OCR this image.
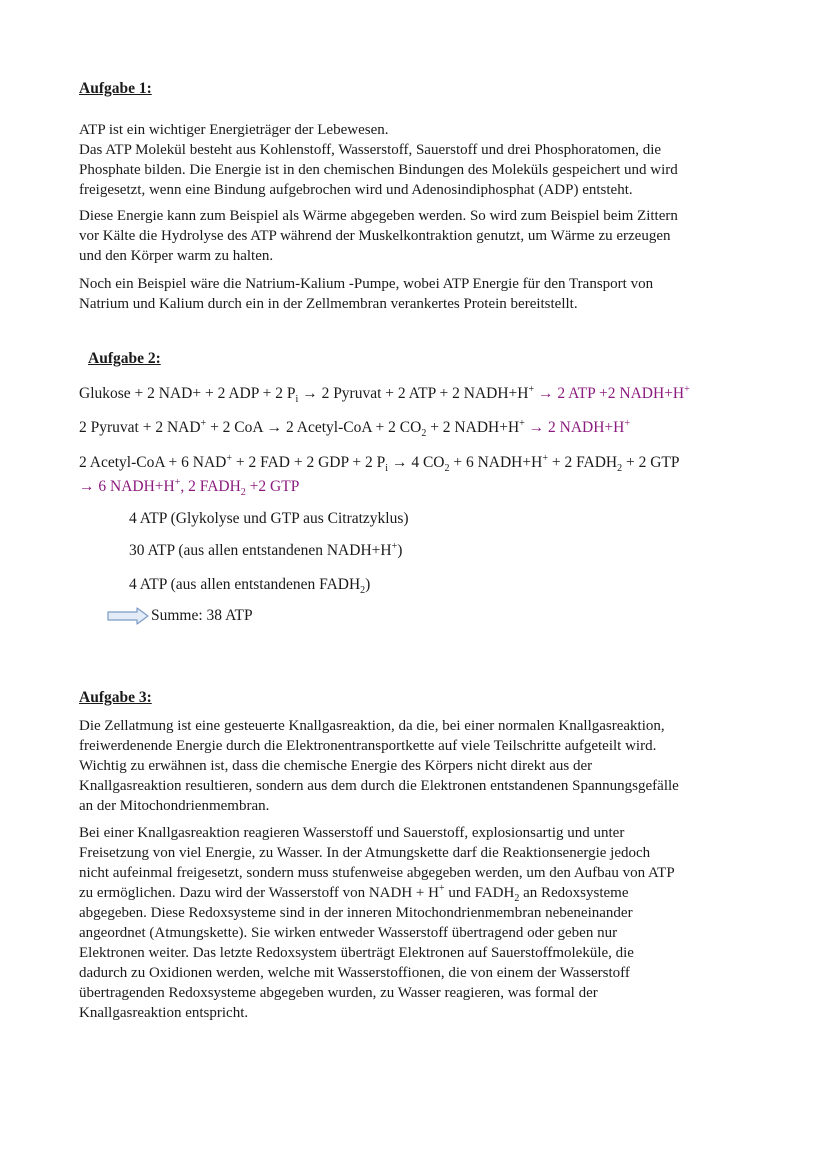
Aufgabe 1:
ATP ist ein wichtiger Energieträger der Lebewesen.
Das ATP Molekül besteht aus Kohlenstoff, Wasserstoff, Sauerstoff und drei Phosphoratomen, die
Phosphate bilden. Die Energie ist in den chemischen Bindungen des Moleküls gespeichert und wird
freigesetzt, wenn eine Bindung aufgebrochen wird und Adenosindiphosphat (ADP) entsteht.
Diese Energie kann zum Beispiel als Wärme abgegeben werden. So wird zum Beispiel beim Zittern
vor Kälte die Hydrolyse des ATP während der Muskelkontraktion genutzt, um Wärme zu erzeugen
und den Körper warm zu halten.
Noch ein Beispiel wäre die Natrium-Kalium -Pumpe, wobei ATP Energie für den Transport von
Natrium und Kalium durch ein in der Zellmembran verankertes Protein bereitstellt.
Aufgabe 2:
Glukose + 2 NAD+ + 2 ADP + 2 $P_i \to 2$ Pyruvat + 2 ATP + 2 NADH+H+ → 2 ATP +2 NADH+H+
2 Pyruvat + 2 NAD+ + 2 CoA → 2 Acetyl-CoA + 2 $CO_2 + 2$ NADH+H+ → 2 NADH+H+
2 Acetyl-CoA + 6 NAD+ + 2 FAD + 2 GDP + 2 $P_i \to 4$ $CO_2 + 6$ NADH+H+ + 2 $FADH_2 + 2$ GTP
→ 6 NADH+H+, 2 $FADH_2 +2$ GTP
4 ATP (Glykolyse und GTP aus Citratzyklus)
30 ATP (aus allen entstandenen NADH+H+)
4 ATP (aus allen entstandenen $FADH_2$)
Summe: 38 ATP
Aufgabe 3:
Die Zellatmung ist eine gesteuerte Knallgasreaktion, da die, bei einer normalen Knallgasreaktion,
freiwerdenende Energie durch die Elektronentransportkette auf viele Teilschritte aufgeteilt wird.
Wichtig zu erwähnen ist, dass die chemische Energie des Körpers nicht direkt aus der
Knallgasreaktion resultieren, sondern aus dem durch die Elektronen entstandenen Spannungsgefälle
an der Mitochondrienmembran.
Bei einer Knallgasreaktion reagieren Wasserstoff und Sauerstoff, explosionsartig und unter
Freisetzung von viel Energie, zu Wasser. In der Atmungskette darf die Reaktionsenergie jedoch
nicht aufeinmal freigesetzt, sondern muss stufenweise abgegeben werden, um den Aufbau von ATP
zu ermöglichen. Dazu wird der Wasserstoff von NADH + H+ und $FADH_2$ an Redoxsysteme
abgegeben. Diese Redoxsysteme sind in der inneren Mitochondrienmembran nebeneinander
angeordnet (Atmungskette). Sie wirken entweder Wasserstoff übertragend oder geben nur
Elektronen weiter. Das letzte Redoxsystem überträgt Elektronen auf Sauerstoffmoleküle, die
dadurch zu Oxidionen werden, welche mit Wasserstoffionen, die von einem der Wasserstoff
übertragenden Redoxsysteme abgegeben wurden, zu Wasser reagieren, was formal der
Knallgasreaktion entspricht.
